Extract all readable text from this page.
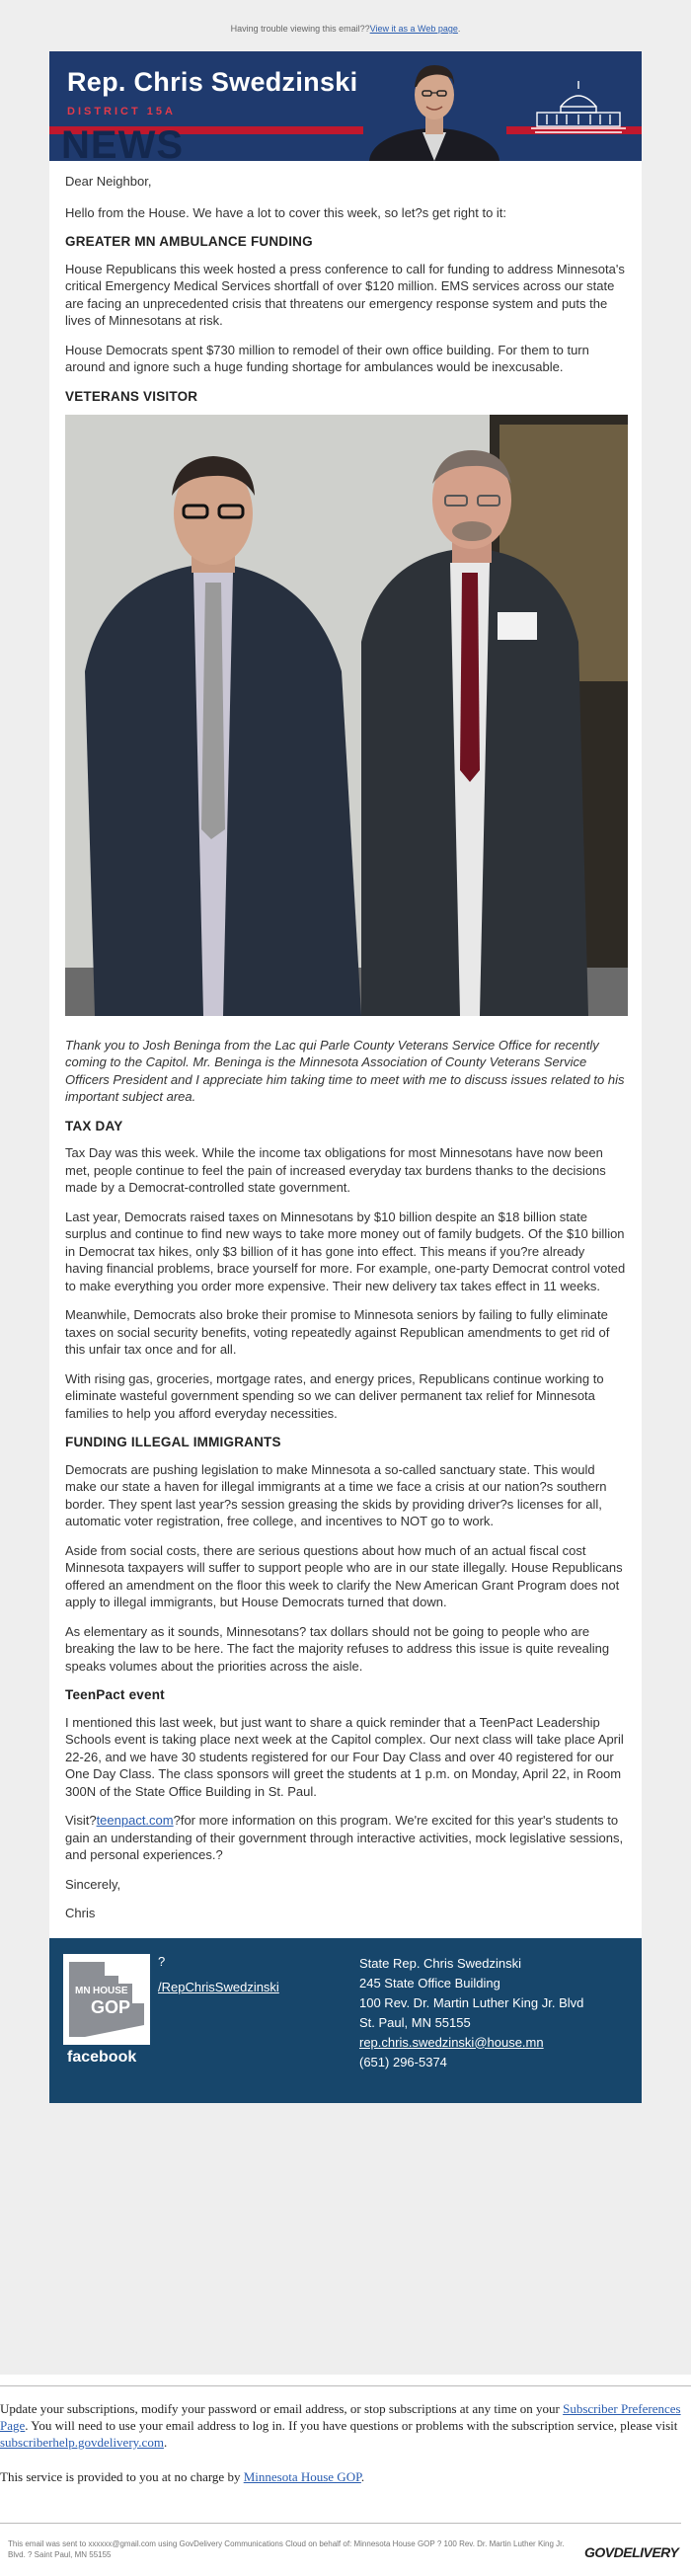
Having trouble viewing this email??View it as a Web page.
NEWS
Rep. Chris Swedzinski
DISTRICT 15A

Dear Neighbor,

Hello from the House. We have a lot to cover this week, so let?s get right to it:

GREATER MN AMBULANCE FUNDING

House Republicans this week hosted a press conference to call for funding to address Minnesota's critical Emergency Medical Services shortfall of over $120 million. EMS services across our state are facing an unprecedented crisis that threatens our emergency response system and puts the lives of Minnesotans at risk.

House Democrats spent $730 million to remodel of their own office building. For them to turn around and ignore such a huge funding shortage for ambulances would be inexcusable.

VETERANS VISITOR

Thank you to Josh Beninga from the Lac qui Parle County Veterans Service Office for recently coming to the Capitol. Mr. Beninga is the Minnesota Association of County Veterans Service Officers President and I appreciate him taking time to meet with me to discuss issues related to his important subject area.

TAX DAY

Tax Day was this week. While the income tax obligations for most Minnesotans have now been met, people continue to feel the pain of increased everyday tax burdens thanks to the decisions made by a Democrat-controlled state government.

Last year, Democrats raised taxes on Minnesotans by $10 billion despite an $18 billion state surplus and continue to find new ways to take more money out of family budgets. Of the $10 billion in Democrat tax hikes, only $3 billion of it has gone into effect. This means if you?re already having financial problems, brace yourself for more. For example, one-party Democrat control voted to make everything you order more expensive. Their new delivery tax takes effect in 11 weeks.

Meanwhile, Democrats also broke their promise to Minnesota seniors by failing to fully eliminate taxes on social security benefits, voting repeatedly against Republican amendments to get rid of this unfair tax once and for all.

With rising gas, groceries, mortgage rates, and energy prices, Republicans continue working to eliminate wasteful government spending so we can deliver permanent tax relief for Minnesota families to help you afford everyday necessities.

FUNDING ILLEGAL IMMIGRANTS

Democrats are pushing legislation to make Minnesota a so-called sanctuary state. This would make our state a haven for illegal immigrants at a time we face a crisis at our nation?s southern border. They spent last year?s session greasing the skids by providing driver?s licenses for all, automatic voter registration, free college, and incentives to NOT go to work.

Aside from social costs, there are serious questions about how much of an actual fiscal cost Minnesota taxpayers will suffer to support people who are in our state illegally. House Republicans offered an amendment on the floor this week to clarify the New American Grant Program does not apply to illegal immigrants, but House Democrats turned that down.

As elementary as it sounds, Minnesotans? tax dollars should not be going to people who are breaking the law to be here. The fact the majority refuses to address this issue is quite revealing speaks volumes about the priorities across the aisle.

TeenPact event

I mentioned this last week, but just want to share a quick reminder that a TeenPact Leadership Schools event is taking place next week at the Capitol complex. Our next class will take place April 22-26, and we have 30 students registered for our Four Day Class and over 40 registered for our One Day Class. The class sponsors will greet the students at 1 p.m. on Monday, April 22, in Room 300N of the State Office Building in St. Paul.

Visit?teenpact.com?for more information on this program. We're excited for this year's students to gain an understanding of their government through interactive activities, mock legislative sessions, and personal experiences.?

Sincerely,

Chris

MN HOUSE
GOP
facebook
?
/RepChrisSwedzinski
State Rep. Chris Swedzinski
245 State Office Building
100 Rev. Dr. Martin Luther King Jr. Blvd
St. Paul, MN 55155
rep.chris.swedzinski@house.mn
(651) 296-5374
Update your subscriptions, modify your password or email address, or stop subscriptions at any time on your Subscriber Preferences Page. You will need to use your email address to log in. If you have questions or problems with the subscription service, please visit subscriberhelp.govdelivery.com.
This service is provided to you at no charge by Minnesota House GOP.
This email was sent to xxxxxx@gmail.com using GovDelivery Communications Cloud on behalf of: Minnesota House GOP ? 100 Rev. Dr. Martin Luther King Jr. Blvd. ? Saint Paul, MN 55155	GOVDELIVERY
